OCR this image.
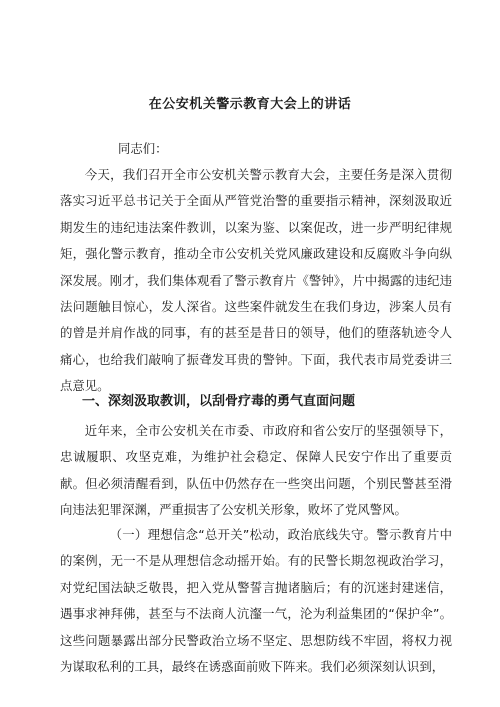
在公安机关警示教育大会上的讲话
同志们：
今天，我们召开全市公安机关警示教育大会，主要任务是深入贯彻落实习近平总书记关于全面从严管党治警的重要指示精神，深刻汲取近期发生的违纪违法案件教训，以案为鉴、以案促改，进一步严明纪律规矩，强化警示教育，推动全市公安机关党风廉政建设和反腐败斗争向纵深发展。刚才，我们集体观看了警示教育片《警钟》，片中揭露的违纪违法问题触目惊心，发人深省。这些案件就发生在我们身边，涉案人员有的曾是并肩作战的同事，有的甚至是昔日的领导，他们的堕落轨迹令人痛心，也给我们敲响了振聋发耳贵的警钟。下面，我代表市局党委讲三点意见。
一、深刻汲取教训，以刮骨疗毒的勇气直面问题
近年来，全市公安机关在市委、市政府和省公安厅的坚强领导下，忠诚履职、攻坚克难，为维护社会稳定、保障人民安宁作出了重要贡献。但必须清醒看到，队伍中仍然存在一些突出问题，个别民警甚至滑向违法犯罪深渊，严重损害了公安机关形象，败坏了党风警风。
（一）理想信念“总开关”松动，政治底线失守。警示教育片中的案例，无一不是从理想信念动摇开始。有的民警长期忽视政治学习，对党纪国法缺乏敬畏，把入党从警誓言抛诸脑后；有的沉迷封建迷信，遇事求神拜佛，甚至与不法商人沆瀣一气，沦为利益集团的“保护伞”。这些问题暴露出部分民警政治立场不坚定、思想防线不牢固，将权力视为谋取私利的工具，最终在诱惑面前败下阵来。我们必须深刻认识到，
